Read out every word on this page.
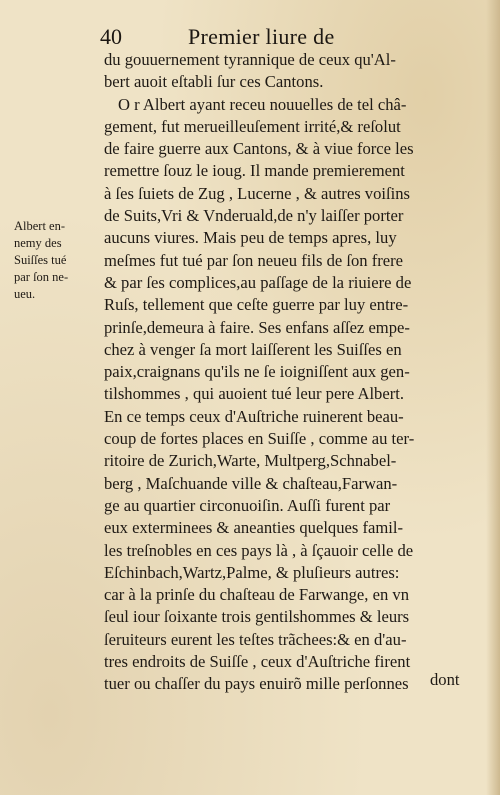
40	Premier liure de
Albert en-
nemy des
Suiſſes tué
par ſon ne-
ueu.
du gouuernement tyrannique de ceux qu'Al-
bert auoit eſtabli ſur ces Cantons.
O r Albert ayant receu nouuelles de tel châ-
gement, fut merueilleuſement irrité,& reſolut
de faire guerre aux Cantons, & à viue force les
remettre ſouz le ioug. Il mande premierement
à ſes ſuiets de Zug , Lucerne , & autres voiſins
de Suits,Vri & Vnderuald,de n'y laiſſer porter
aucuns viures. Mais peu de temps apres, luy
meſmes fut tué par ſon neueu fils de ſon frere
& par ſes complices,au paſſage de la riuiere de
Ruſs, tellement que ceſte guerre par luy entre-
prinſe,demeura à faire. Ses enfans aſſez empe-
chez à venger ſa mort laiſſerent les Suiſſes en
paix,craignans qu'ils ne ſe ioigniſſent aux gen-
tilshommes , qui auoient tué leur pere Albert.
En ce temps ceux d'Auſtriche ruinerent beau-
coup de fortes places en Suiſſe , comme au ter-
ritoire de Zurich,Warte, Multperg,Schnabel-
berg , Maſchuande ville & chaſteau,Farwan-
ge au quartier circonuoiſin. Auſſi furent par
eux exterminees & aneanties quelques famil-
les treſnobles en ces pays là , à ſçauoir celle de
Eſchinbach,Wartz,Palme, & pluſieurs autres:
car à la prinſe du chaſteau de Farwange, en vn
ſeul iour ſoixante trois gentilshommes & leurs
ſeruiteurs eurent les teſtes trãchees:& en d'au-
tres endroits de Suiſſe , ceux d'Auſtriche firent
tuer ou chaſſer du pays enuirõ mille perſonnes	dont
